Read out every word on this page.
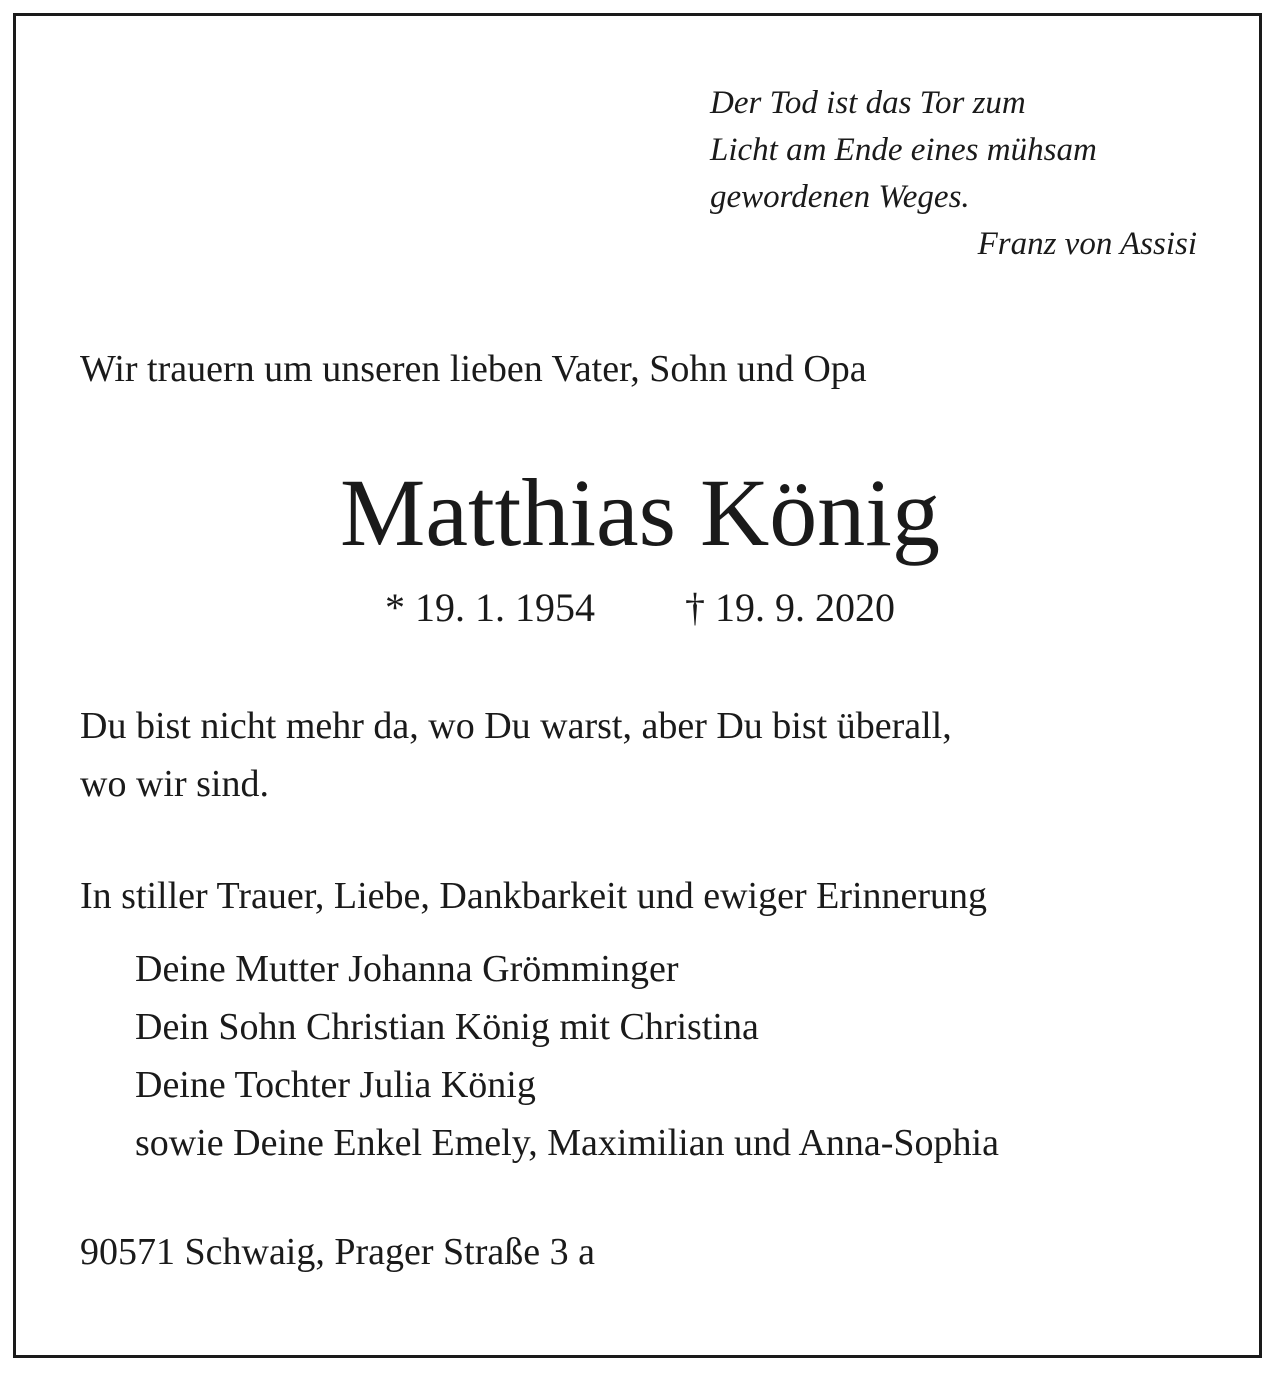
Der Tod ist das Tor zum
Licht am Ende eines mühsam
gewordenen Weges.
Franz von Assisi
Wir trauern um unseren lieben Vater, Sohn und Opa
Matthias König
* 19. 1. 1954 † 19. 9. 2020
Du bist nicht mehr da, wo Du warst, aber Du bist überall,
wo wir sind.
In stiller Trauer, Liebe, Dankbarkeit und ewiger Erinnerung
Deine Mutter Johanna Grömminger
Dein Sohn Christian König mit Christina
Deine Tochter Julia König
sowie Deine Enkel Emely, Maximilian und Anna-Sophia
90571 Schwaig, Prager Straße 3 a
